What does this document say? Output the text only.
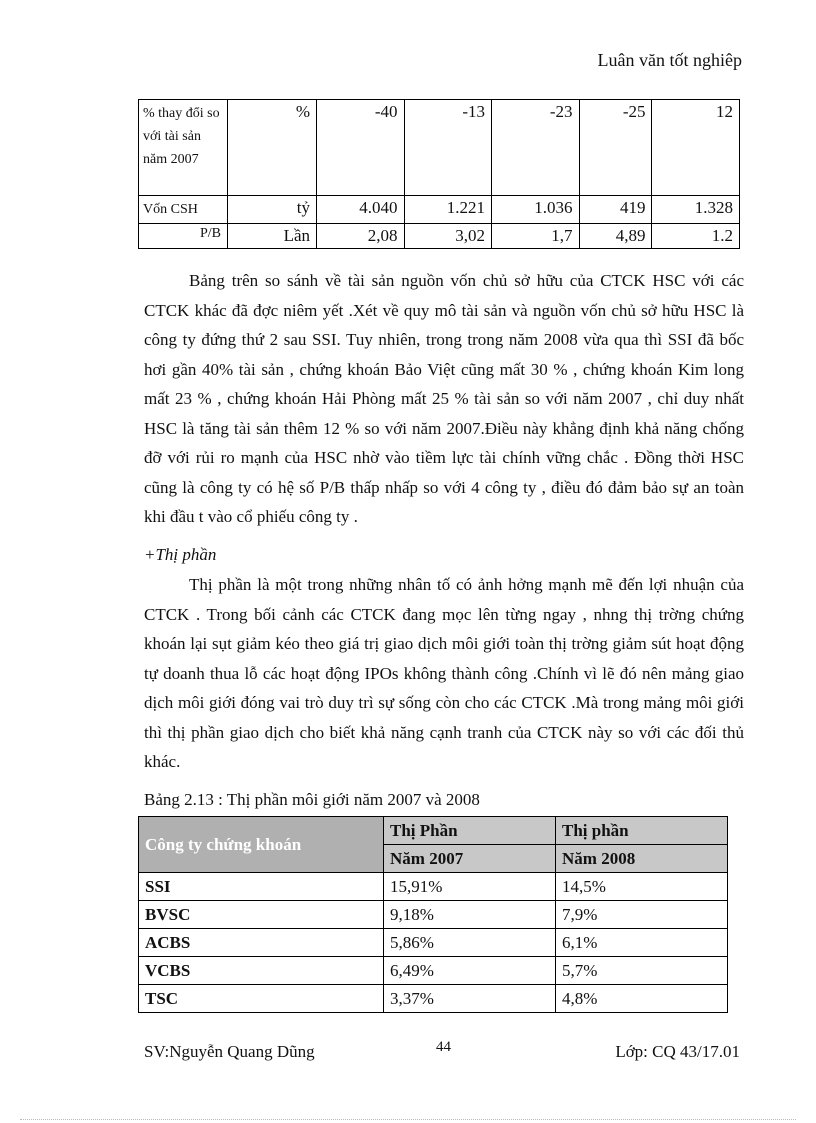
Luân văn tốt nghiêp
% thay đổi so với tài sản năm 2007	%	-40	-13	-23	-25	12
Vốn CSH	tỷ	4.040	1.221	1.036	419	1.328
P/B	Lần	2,08	3,02	1,7	4,89	1.2

Bảng trên so sánh về tài sản nguồn vốn chủ sở hữu của CTCK HSC với các CTCK khác đã đợc niêm yết .Xét về quy mô tài sản và nguồn vốn chủ sở hữu HSC là công ty đứng thứ 2 sau SSI. Tuy nhiên, trong trong năm 2008 vừa qua thì SSI đã bốc hơi gần 40% tài sản , chứng khoán Bảo Việt cũng mất 30 % , chứng khoán Kim long mất 23 % , chứng khoán Hải Phòng mất 25 % tài sản so với năm 2007 , chỉ duy nhất HSC là tăng tài sản thêm 12 % so với năm 2007.Điều này khẳng định khả năng chống đỡ với rủi ro mạnh của HSC nhờ vào tiềm lực tài chính vững chắc . Đồng thời HSC cũng là công ty có hệ số P/B thấp nhấp so với 4 công ty , điều đó đảm bảo sự an toàn khi đầu t vào cổ phiếu công ty .

+Thị phần

Thị phần là một trong những nhân tố có ảnh hởng mạnh mẽ đến lợi nhuận của CTCK . Trong bối cảnh các CTCK đang mọc lên từng ngay , nhng thị trờng chứng khoán lại sụt giảm kéo theo giá trị giao dịch môi giới toàn thị trờng giảm sút hoạt động tự doanh thua lỗ các hoạt động IPOs không thành công .Chính vì lẽ đó nên mảng giao dịch môi giới đóng vai trò duy trì sự sống còn cho các CTCK .Mà trong mảng môi giới thì thị phần giao dịch cho biết khả năng cạnh tranh của CTCK này so với các đối thủ khác.

Bảng 2.13 : Thị phần môi giới năm 2007 và 2008
Công ty chứng khoán	Thị Phần	Thị phần
	Năm 2007	Năm 2008
SSI	15,91%	14,5%
BVSC	9,18%	7,9%
ACBS	5,86%	6,1%
VCBS	6,49%	5,7%
TSC	3,37%	4,8%
SV:Nguyễn Quang Dũng	44	Lớp: CQ 43/17.01
